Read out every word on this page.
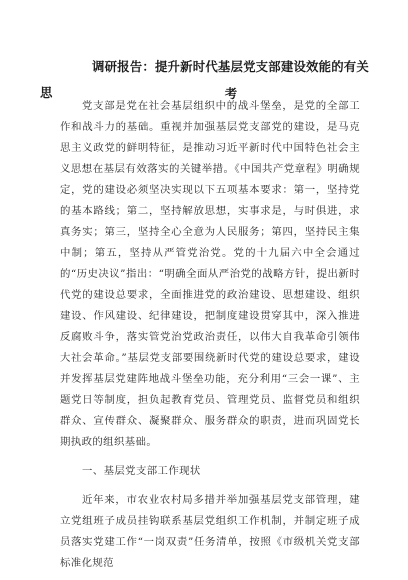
调研报告：提升新时代基层党支部建设效能的有关思	考

党支部是党在社会基层组织中的战斗堡垒，是党的全部工作和战斗力的基础。重视并加强基层党支部党的建设，是马克思主义政党的鲜明特征，是推动习近平新时代中国特色社会主义思想在基层有效落实的关键举措。《中国共产党章程》明确规定，党的建设必须坚决实现以下五项基本要求：第一，坚持党的基本路线；第二，坚持解放思想，实事求是，与时俱进，求真务实；第三，坚持全心全意为人民服务；第四，坚持民主集中制；第五，坚持从严管党治党。党的十九届六中全会通过的“历史决议”指出：“明确全面从严治党的战略方针，提出新时代党的建设总要求，全面推进党的政治建设、思想建设、组织建设、作风建设、纪律建设，把制度建设贯穿其中，深入推进反腐败斗争，落实管党治党政治责任，以伟大自我革命引领伟大社会革命。”基层党支部要围绕新时代党的建设总要求，建设并发挥基层党建阵地战斗堡垒功能，充分利用“三会一课”、主题党日等制度，担负起教育党员、管理党员、监督党员和组织群众、宣传群众、凝聚群众、服务群众的职责，进而巩固党长期执政的组织基础。

一、基层党支部工作现状

近年来，市农业农村局多措并举加强基层党支部管理，建立党组班子成员挂钩联系基层党组织工作机制，并制定班子成员落实党建工作“一岗双责”任务清单，按照《市级机关党支部标准化规范
